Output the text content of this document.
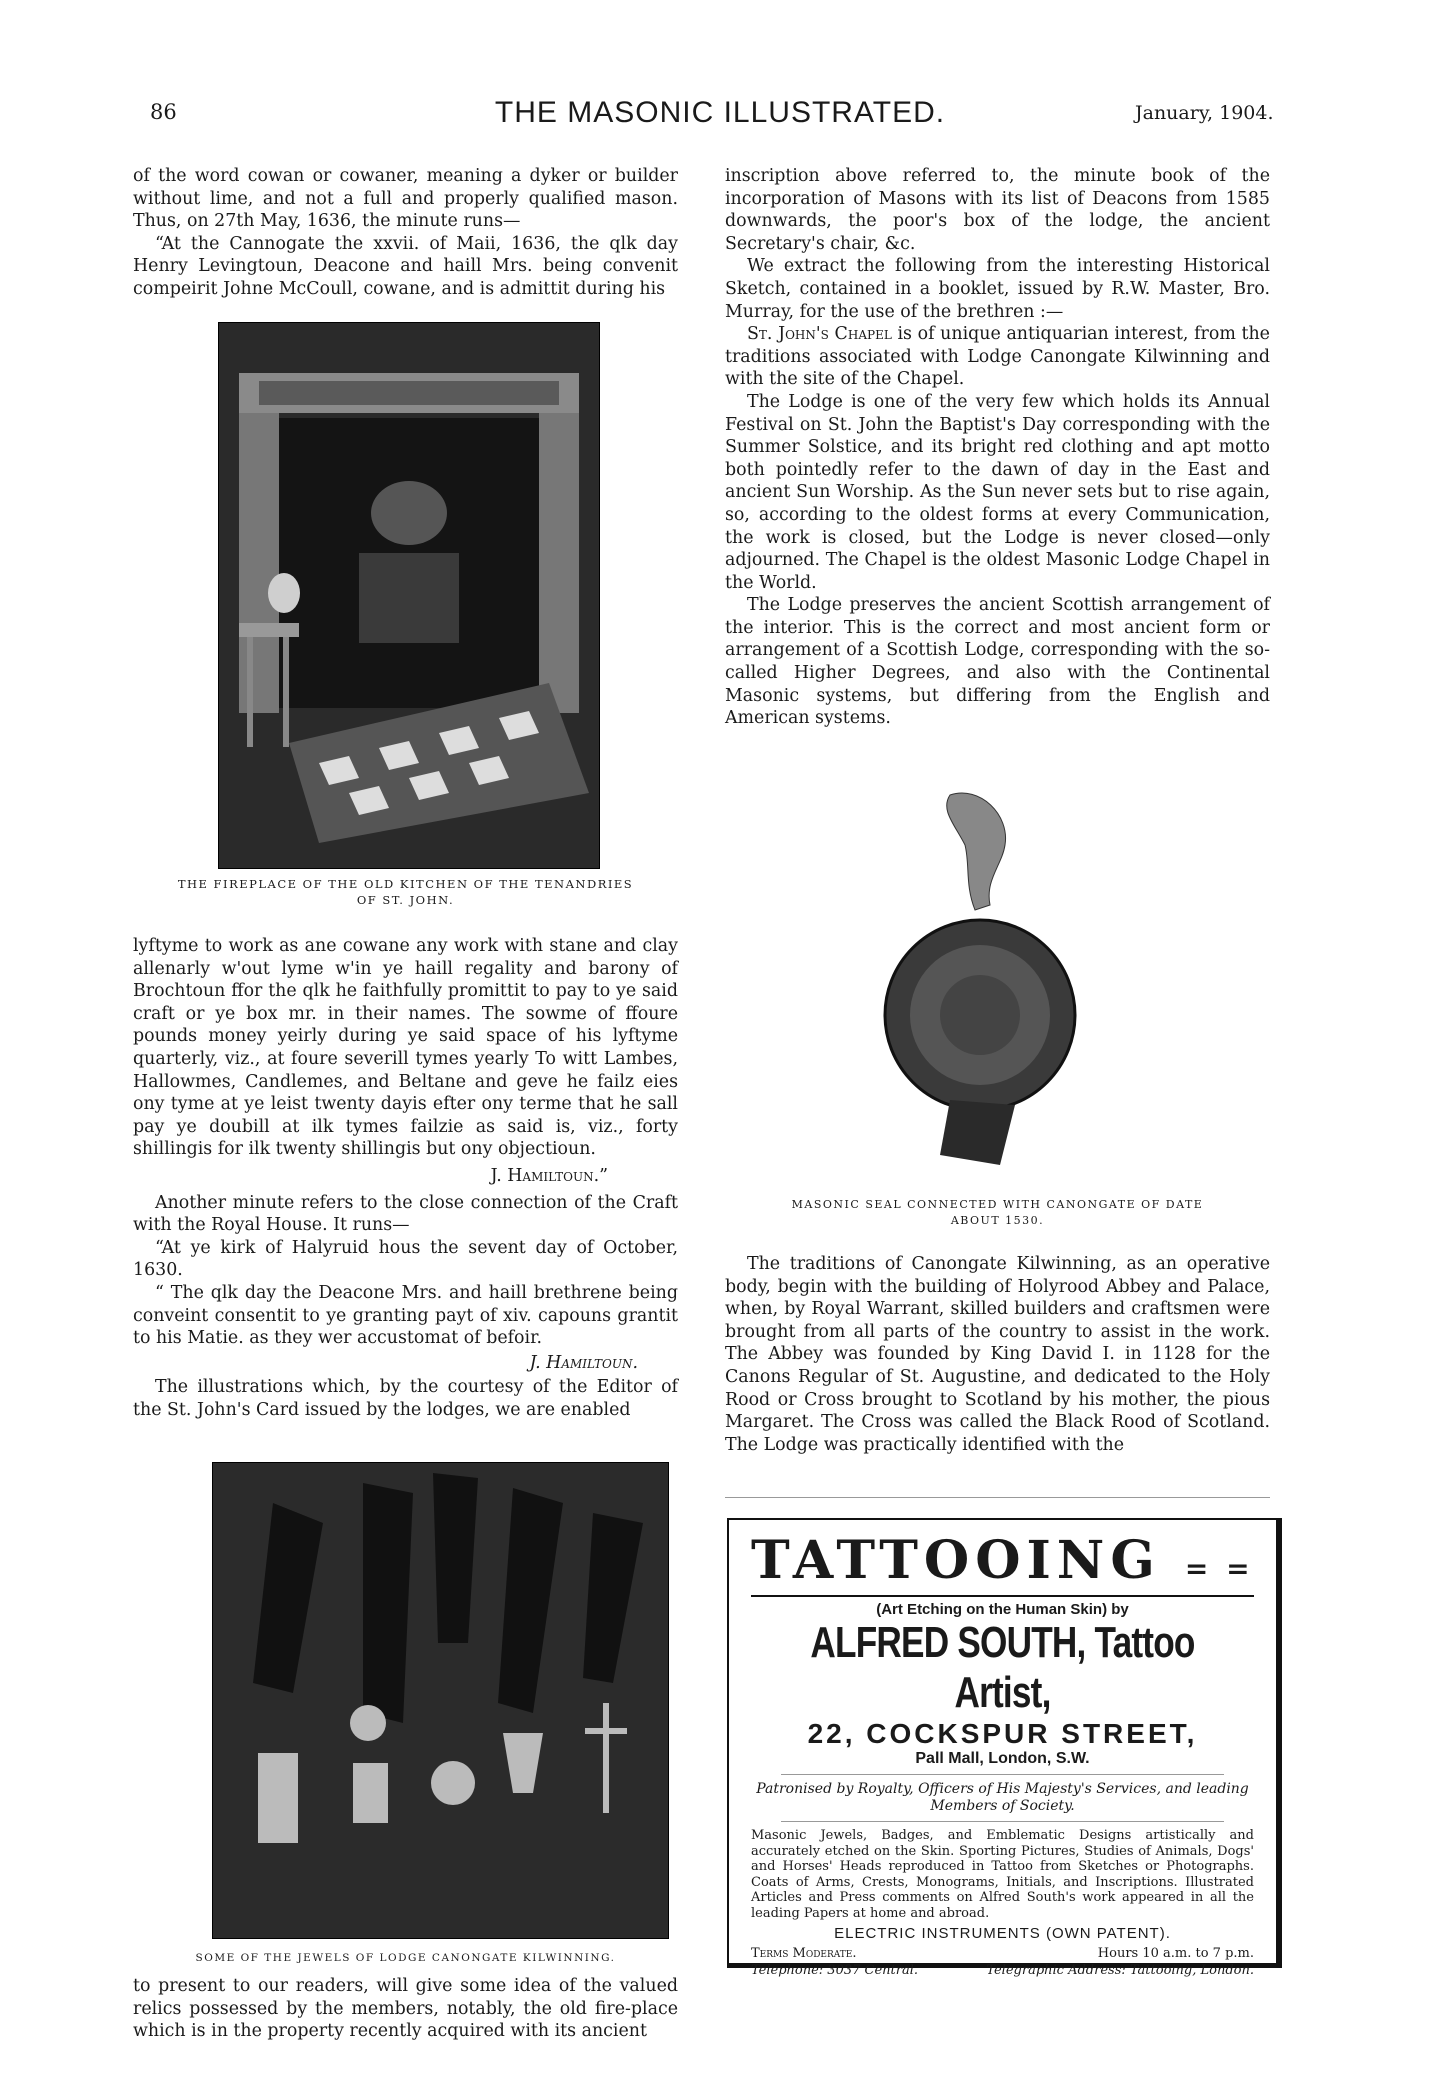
86	THE MASONIC ILLUSTRATED.	January, 1904.

of the word cowan or cowaner, meaning a dyker or builder without lime, and not a full and properly qualified mason. Thus, on 27th May, 1636, the minute runs—

“At the Cannogate the xxvii. of Maii, 1636, the qlk day Henry Levingtoun, Deacone and haill Mrs. being convenit compeirit Johne McCoull, cowane, and is admittit during his

THE FIREPLACE OF THE OLD KITCHEN OF THE TENANDRIES
OF ST. JOHN.

lyftyme to work as ane cowane any work with stane and clay allenarly w'out lyme w'in ye haill regality and barony of Brochtoun ffor the qlk he faithfully promittit to pay to ye said craft or ye box mr. in their names. The sowme of ffoure pounds money yeirly during ye said space of his lyftyme quarterly, viz., at foure severill tymes yearly To witt Lambes, Hallowmes, Candlemes, and Beltane and geve he failz eies ony tyme at ye leist twenty dayis efter ony terme that he sall pay ye doubill at ilk tymes failzie as said is, viz., forty shillingis for ilk twenty shillingis but ony objectioun.

J. Hamiltoun.”

Another minute refers to the close connection of the Craft with the Royal House. It runs—

“At ye kirk of Halyruid hous the sevent day of October, 1630.

“ The qlk day the Deacone Mrs. and haill brethrene being conveint consentit to ye granting payt of xiv. capouns grantit to his Matie. as they wer accustomat of befoir.

J. Hamiltoun.

The illustrations which, by the courtesy of the Editor of the St. John's Card issued by the lodges, we are enabled

SOME OF THE JEWELS OF LODGE CANONGATE KILWINNING.

to present to our readers, will give some idea of the valued relics possessed by the members, notably, the old fire-place which is in the property recently acquired with its ancient

inscription above referred to, the minute book of the incorporation of Masons with its list of Deacons from 1585 downwards, the poor's box of the lodge, the ancient Secretary's chair, &c.

We extract the following from the interesting Historical Sketch, contained in a booklet, issued by R.W. Master, Bro. Murray, for the use of the brethren :—

St. John's Chapel is of unique antiquarian interest, from the traditions associated with Lodge Canongate Kilwinning and with the site of the Chapel.

The Lodge is one of the very few which holds its Annual Festival on St. John the Baptist's Day corresponding with the Summer Solstice, and its bright red clothing and apt motto both pointedly refer to the dawn of day in the East and ancient Sun Worship. As the Sun never sets but to rise again, so, according to the oldest forms at every Communication, the work is closed, but the Lodge is never closed—only adjourned. The Chapel is the oldest Masonic Lodge Chapel in the World.

The Lodge preserves the ancient Scottish arrangement of the interior. This is the correct and most ancient form or arrangement of a Scottish Lodge, corresponding with the so-called Higher Degrees, and also with the Continental Masonic systems, but differing from the English and American systems.

MASONIC SEAL CONNECTED WITH CANONGATE OF DATE
ABOUT 1530.

The traditions of Canongate Kilwinning, as an operative body, begin with the building of Holyrood Abbey and Palace, when, by Royal Warrant, skilled builders and craftsmen were brought from all parts of the country to assist in the work. The Abbey was founded by King David I. in 1128 for the Canons Regular of St. Augustine, and dedicated to the Holy Rood or Cross brought to Scotland by his mother, the pious Margaret. The Cross was called the Black Rood of Scotland. The Lodge was practically identified with the

TATTOOING = =
(Art Etching on the Human Skin) by
ALFRED SOUTH, Tattoo Artist,
22, COCKSPUR STREET,
Pall Mall, London, S.W.
Patronised by Royalty, Officers of His Majesty's Services, and leading Members of Society.
Masonic Jewels, Badges, and Emblematic Designs artistically and accurately etched on the Skin. Sporting Pictures, Studies of Animals, Dogs' and Horses' Heads reproduced in Tattoo from Sketches or Photographs. Coats of Arms, Crests, Monograms, Initials, and Inscriptions. Illustrated Articles and Press comments on Alfred South's work appeared in all the leading Papers at home and abroad.
ELECTRIC INSTRUMENTS (OWN PATENT).
Terms Moderate.	Hours 10 a.m. to 7 p.m.
Telephone: 3037 Central.	Telegraphic Address: Tattooing, London.
